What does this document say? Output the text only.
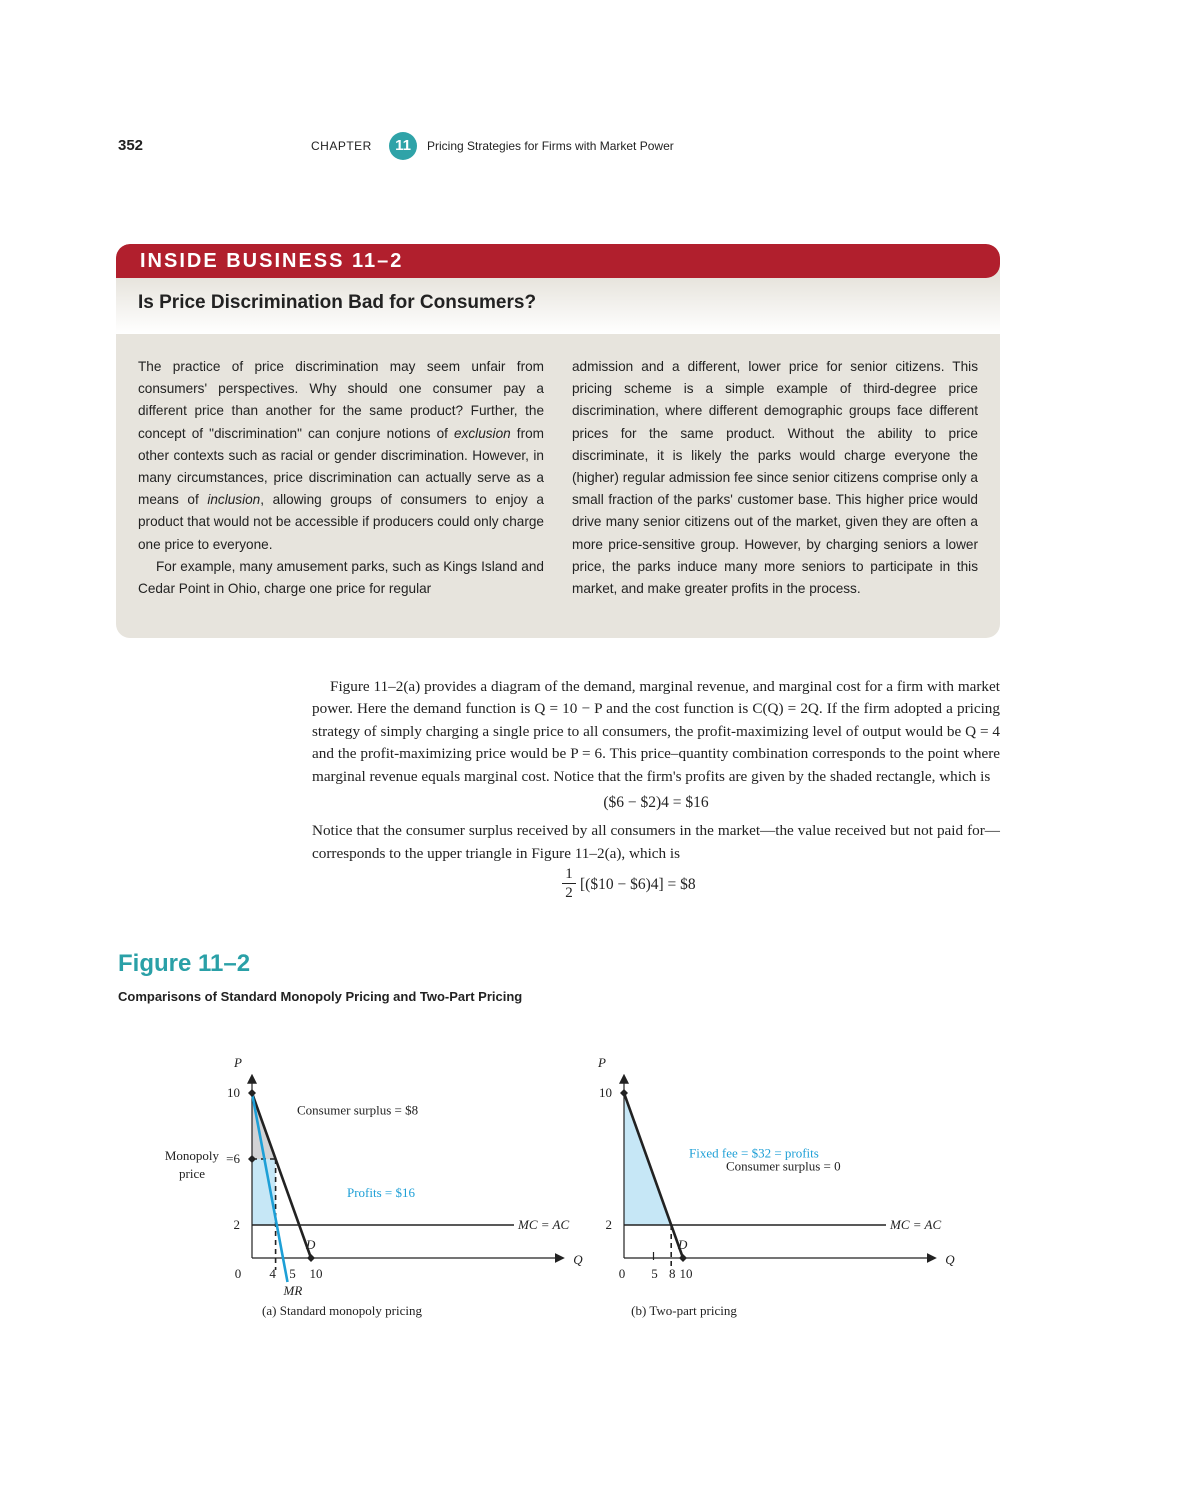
352	CHAPTER	11	Pricing Strategies for Firms with Market Power
INSIDE BUSINESS 11–2
Is Price Discrimination Bad for Consumers?

The practice of price discrimination may seem unfair from consumers' perspectives. Why should one consumer pay a different price than another for the same product? Further, the concept of "discrimination" can conjure notions of exclusion from other contexts such as racial or gender discrimination. However, in many circumstances, price discrimination can actually serve as a means of inclusion, allowing groups of consumers to enjoy a product that would not be accessible if producers could only charge one price to everyone.

For example, many amusement parks, such as Kings Island and Cedar Point in Ohio, charge one price for regular

admission and a different, lower price for senior citizens. This pricing scheme is a simple example of third-degree price discrimination, where different demographic groups face different prices for the same product. Without the ability to price discriminate, it is likely the parks would charge everyone the (higher) regular admission fee since senior citizens comprise only a small fraction of the parks' customer base. This higher price would drive many senior citizens out of the market, given they are often a more price-sensitive group. However, by charging seniors a lower price, the parks induce many more seniors to participate in this market, and make greater profits in the process.

Figure 11–2(a) provides a diagram of the demand, marginal revenue, and marginal cost for a firm with market power. Here the demand function is Q = 10 − P and the cost function is C(Q) = 2Q. If the firm adopted a pricing strategy of simply charging a single price to all consumers, the profit-maximizing level of output would be Q = 4 and the profit-maximizing price would be P = 6. This price–quantity combination corresponds to the point where marginal revenue equals marginal cost. Notice that the firm's profits are given by the shaded rectangle, which is

($6 − $2)4 = $16

Notice that the consumer surplus received by all consumers in the market—the value received but not paid for—corresponds to the upper triangle in Figure 11–2(a), which is

$\frac{1}{2}$ [($10 − $6)4] = $8
Figure 11–2
Comparisons of Standard Monopoly Pricing and Two-Part Pricing
P
10
=6
Monopoly
price
2
0 4 5 10
Q
Consumer surplus = $8
Profits = $16
D
MR
MC = AC
(a) Standard monopoly pricing
P
10
2
0 5 8 10
Q
Fixed fee = $32 = profits
Consumer surplus = 0
D
MC = AC
(b) Two-part pricing
